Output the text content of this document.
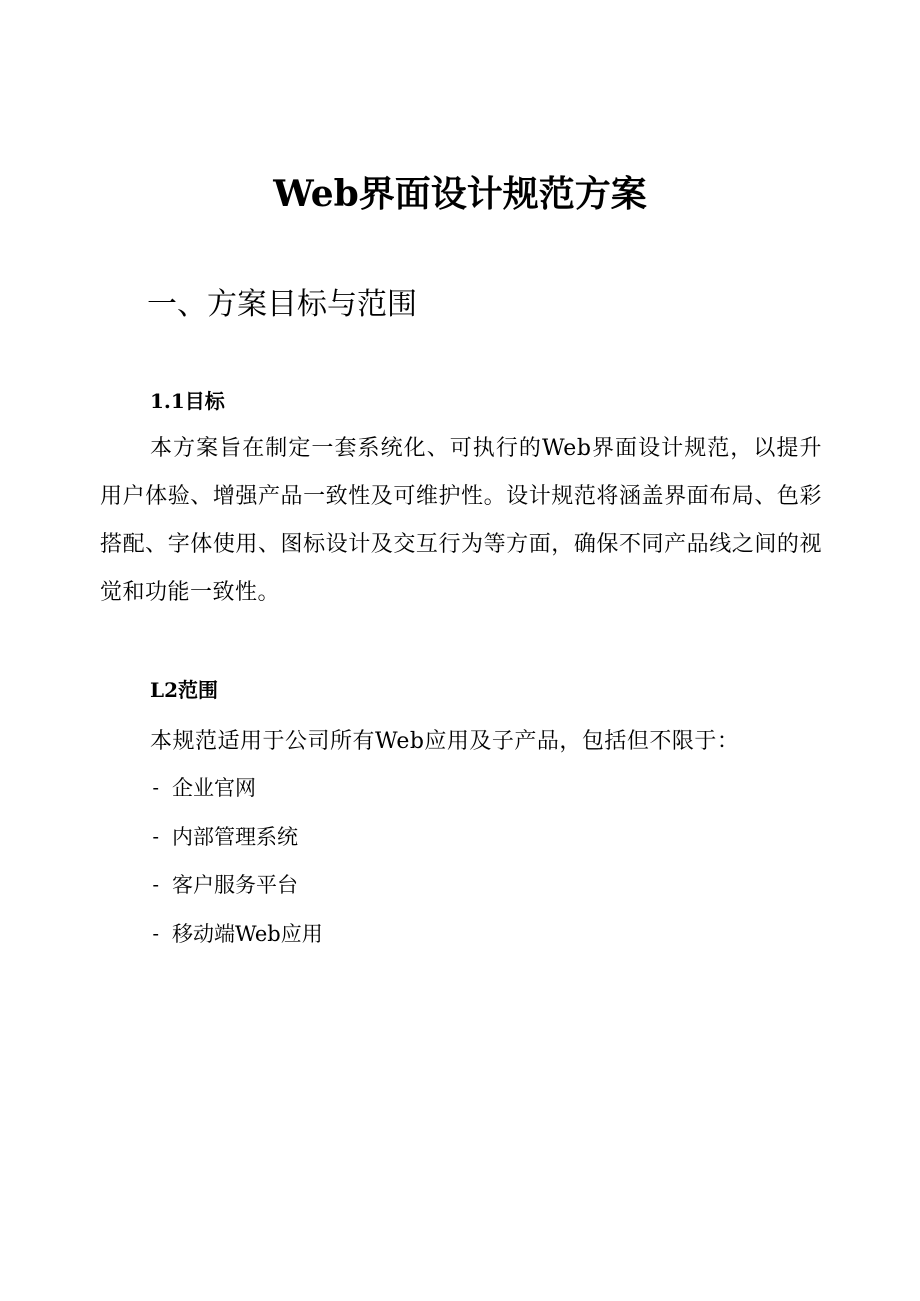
Web界面设计规范方案
一、方案目标与范围
1.1目标
本方案旨在制定一套系统化、可执行的Web界面设计规范，以提升用户体验、增强产品一致性及可维护性。设计规范将涵盖界面布局、色彩搭配、字体使用、图标设计及交互行为等方面，确保不同产品线之间的视觉和功能一致性。
L2范围
本规范适用于公司所有Web应用及子产品，包括但不限于：
- 企业官网
- 内部管理系统
- 客户服务平台
- 移动端Web应用
